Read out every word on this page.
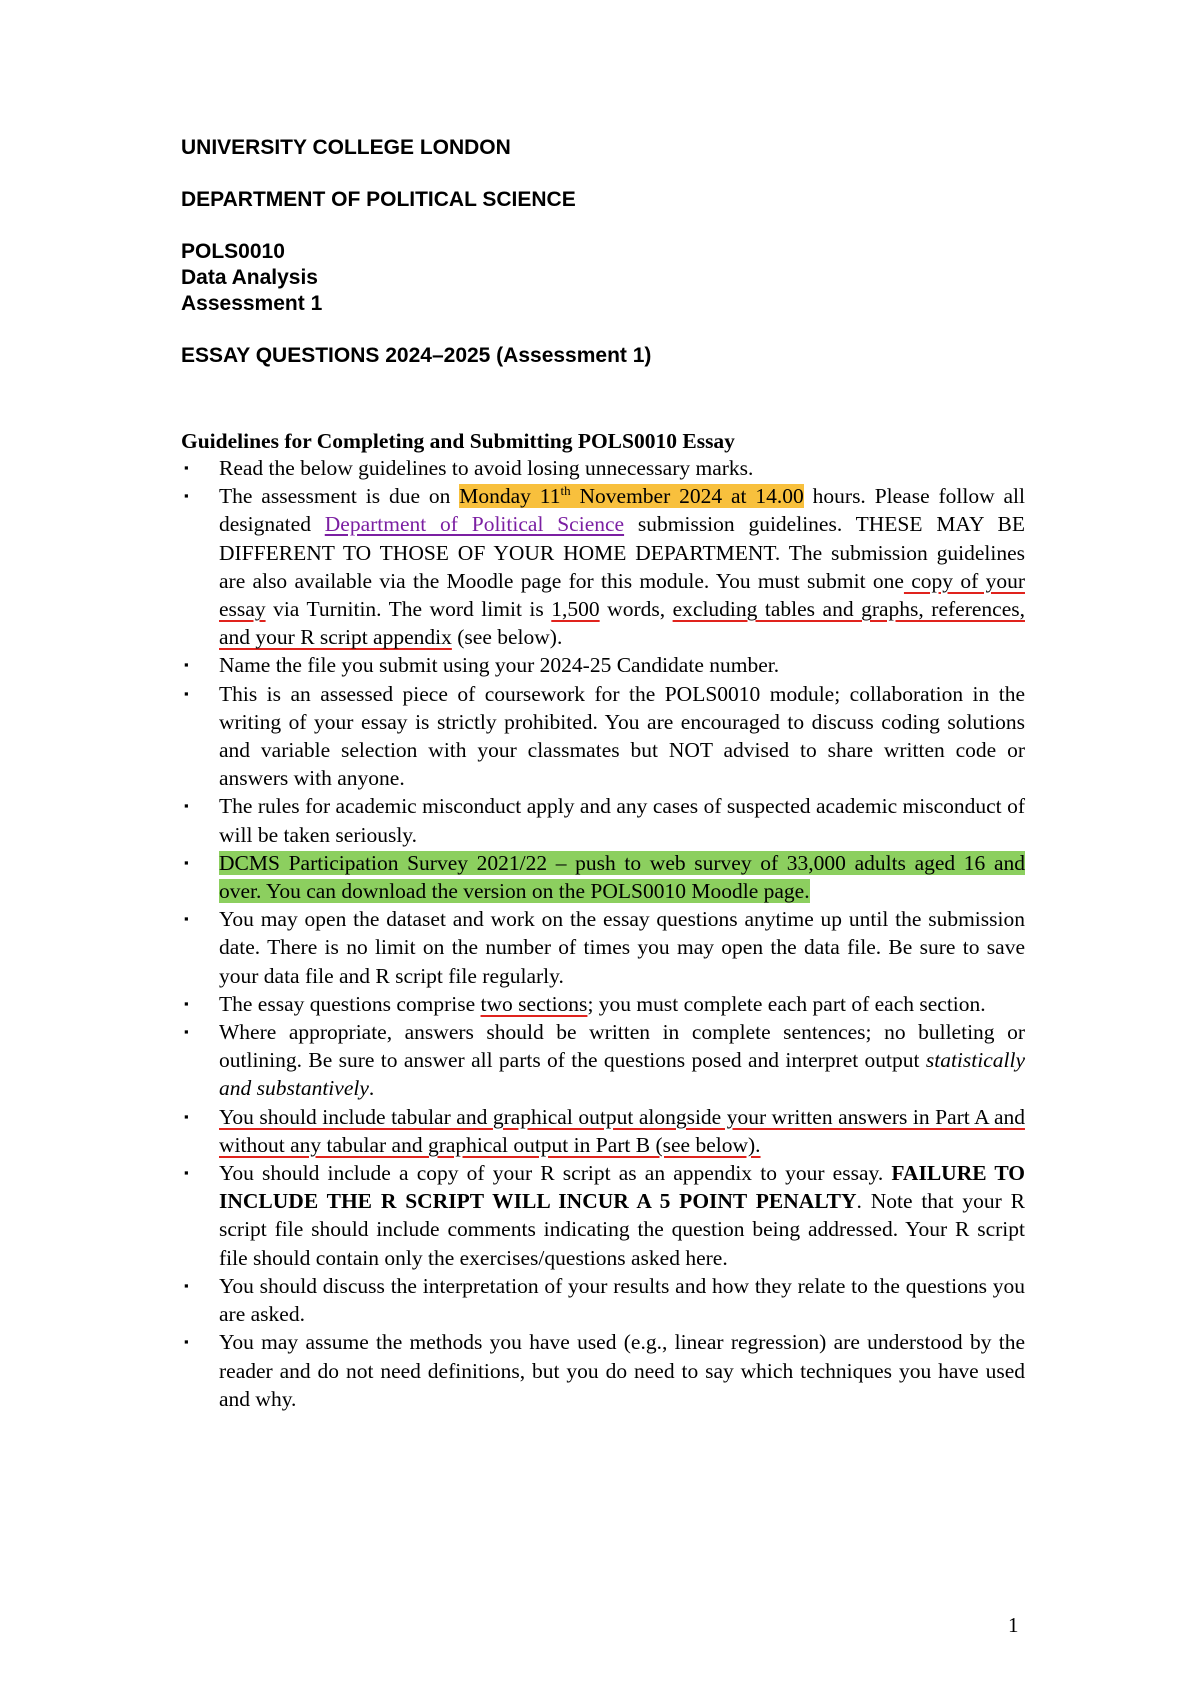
UNIVERSITY COLLEGE LONDON
DEPARTMENT OF POLITICAL SCIENCE
POLS0010
Data Analysis
Assessment 1
ESSAY QUESTIONS 2024–2025 (Assessment 1)
Guidelines for Completing and Submitting POLS0010 Essay
▪ Read the below guidelines to avoid losing unnecessary marks.
▪ The assessment is due on Monday 11th November 2024 at 14.00 hours. Please follow all designated Department of Political Science submission guidelines. THESE MAY BE DIFFERENT TO THOSE OF YOUR HOME DEPARTMENT. The submission guidelines are also available via the Moodle page for this module. You must submit one copy of your essay via Turnitin. The word limit is 1,500 words, excluding tables and graphs, references, and your R script appendix (see below).
▪ Name the file you submit using your 2024-25 Candidate number.
▪ This is an assessed piece of coursework for the POLS0010 module; collaboration in the writing of your essay is strictly prohibited. You are encouraged to discuss coding solutions and variable selection with your classmates but NOT advised to share written code or answers with anyone.
▪ The rules for academic misconduct apply and any cases of suspected academic misconduct of will be taken seriously.
▪ DCMS Participation Survey 2021/22 – push to web survey of 33,000 adults aged 16 and over. You can download the version on the POLS0010 Moodle page.
▪ You may open the dataset and work on the essay questions anytime up until the submission date. There is no limit on the number of times you may open the data file. Be sure to save your data file and R script file regularly.
▪ The essay questions comprise two sections; you must complete each part of each section.
▪ Where appropriate, answers should be written in complete sentences; no bulleting or outlining. Be sure to answer all parts of the questions posed and interpret output statistically and substantively.
▪ You should include tabular and graphical output alongside your written answers in Part A and without any tabular and graphical output in Part B (see below).
▪ You should include a copy of your R script as an appendix to your essay. FAILURE TO INCLUDE THE R SCRIPT WILL INCUR A 5 POINT PENALTY. Note that your R script file should include comments indicating the question being addressed. Your R script file should contain only the exercises/questions asked here.
▪ You should discuss the interpretation of your results and how they relate to the questions you are asked.
▪ You may assume the methods you have used (e.g., linear regression) are understood by the reader and do not need definitions, but you do need to say which techniques you have used and why.
1
